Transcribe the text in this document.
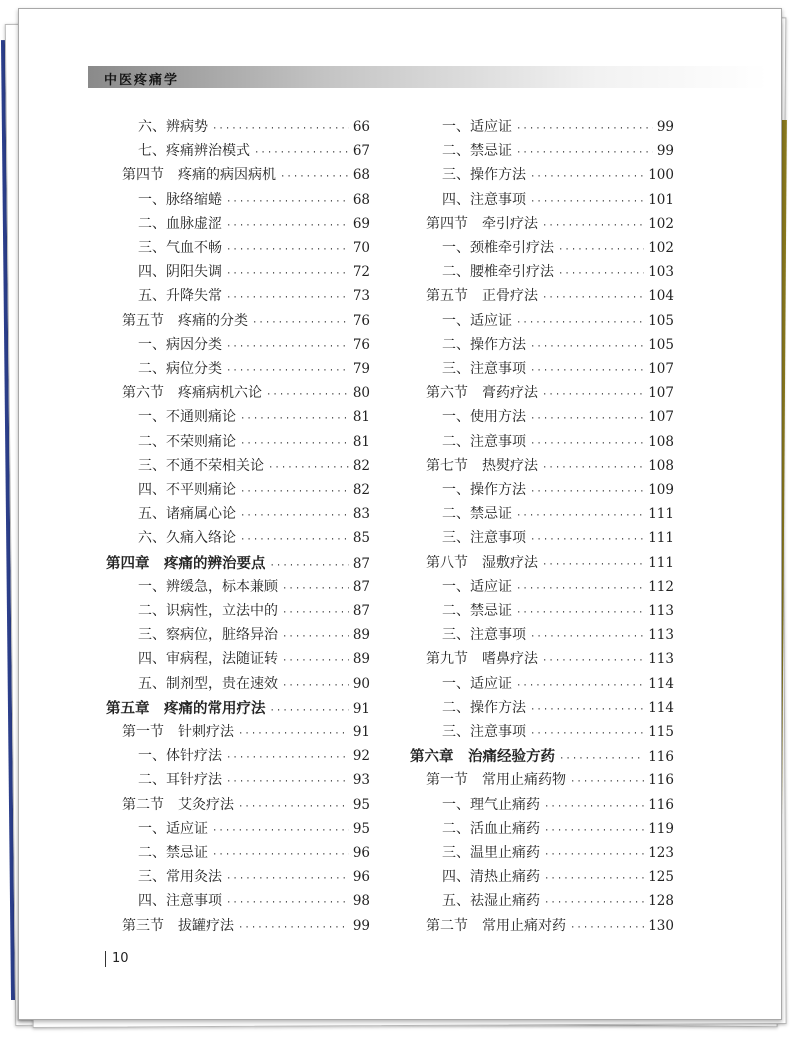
中医疼痛学
六、辨病势 ·····	66
七、疼痛辨治模式 ·····	67
第四节　疼痛的病因病机 ·····	68
一、脉络缩蜷 ·····	68
二、血脉虚涩 ·····	69
三、气血不畅 ·····	70
四、阴阳失调 ·····	72
五、升降失常 ·····	73
第五节　疼痛的分类 ·····	76
一、病因分类 ·····	76
二、病位分类 ·····	79
第六节　疼痛病机六论 ·····	80
一、不通则痛论 ·····	81
二、不荣则痛论 ·····	81
三、不通不荣相关论 ·····	82
四、不平则痛论 ·····	82
五、诸痛属心论 ·····	83
六、久痛入络论 ·····	85
第四章　疼痛的辨治要点 ·····	87
一、辨缓急，标本兼顾 ·····	87
二、识病性，立法中的 ·····	87
三、察病位，脏络异治 ·····	89
四、审病程，法随证转 ·····	89
五、制剂型，贵在速效 ·····	90
第五章　疼痛的常用疗法 ·····	91
第一节　针刺疗法 ·····	91
一、体针疗法 ·····	92
二、耳针疗法 ·····	93
第二节　艾灸疗法 ·····	95
一、适应证 ·····	95
二、禁忌证 ·····	96
三、常用灸法 ·····	96
四、注意事项 ·····	98
第三节　拔罐疗法 ·····	99
一、适应证 ·····	99
二、禁忌证 ·····	99
三、操作方法 ·····	100
四、注意事项 ·····	101
第四节　牵引疗法 ·····	102
一、颈椎牵引疗法 ·····	102
二、腰椎牵引疗法 ·····	103
第五节　正骨疗法 ·····	104
一、适应证 ·····	105
二、操作方法 ·····	105
三、注意事项 ·····	107
第六节　膏药疗法 ·····	107
一、使用方法 ·····	107
二、注意事项 ·····	108
第七节　热熨疗法 ·····	108
一、操作方法 ·····	109
二、禁忌证 ·····	111
三、注意事项 ·····	111
第八节　湿敷疗法 ·····	111
一、适应证 ·····	112
二、禁忌证 ·····	113
三、注意事项 ·····	113
第九节　嗜鼻疗法 ·····	113
一、适应证 ·····	114
二、操作方法 ·····	114
三、注意事项 ·····	115
第六章　治痛经验方药 ·····	116
第一节　常用止痛药物 ·····	116
一、理气止痛药 ·····	116
二、活血止痛药 ·····	119
三、温里止痛药 ·····	123
四、清热止痛药 ·····	125
五、祛湿止痛药 ·····	128
第二节　常用止痛对药 ·····	130
10
